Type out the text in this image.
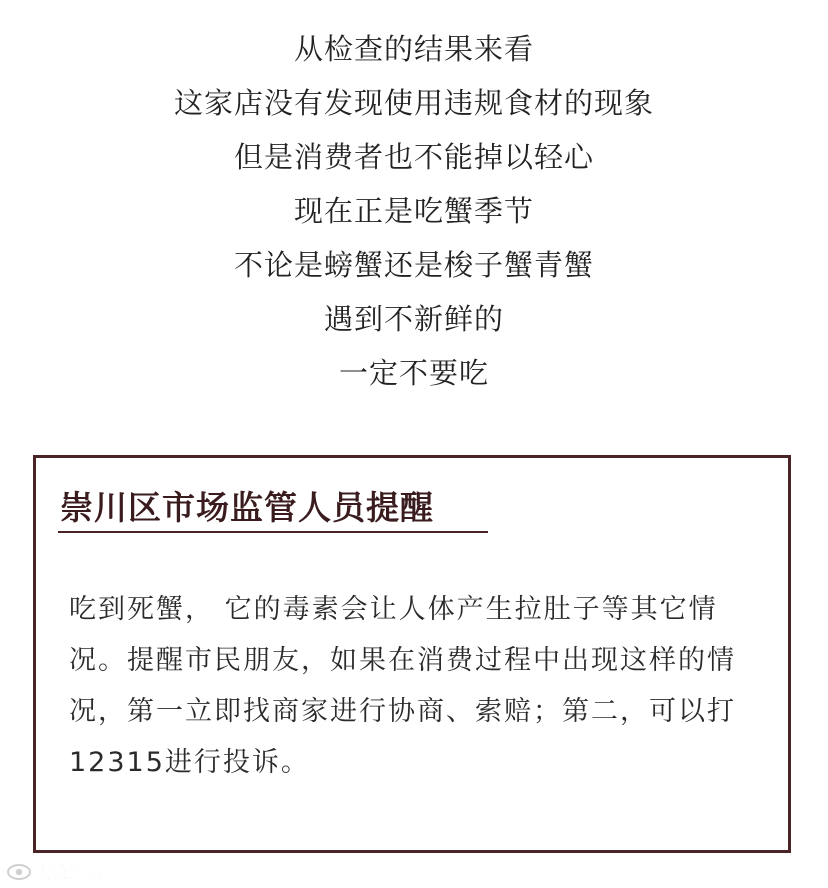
从检查的结果来看
这家店没有发现使用违规食材的现象
但是消费者也不能掉以轻心
现在正是吃蟹季节
不论是螃蟹还是梭子蟹青蟹
遇到不新鲜的
一定不要吃
崇川区市场监管人员提醒

吃到死蟹， 它的毒素会让人体产生拉肚子等其它情况。提醒市民朋友，如果在消费过程中出现这样的情况，第一立即找商家进行协商、索赔；第二，可以打12315进行投诉。

大数跨境
